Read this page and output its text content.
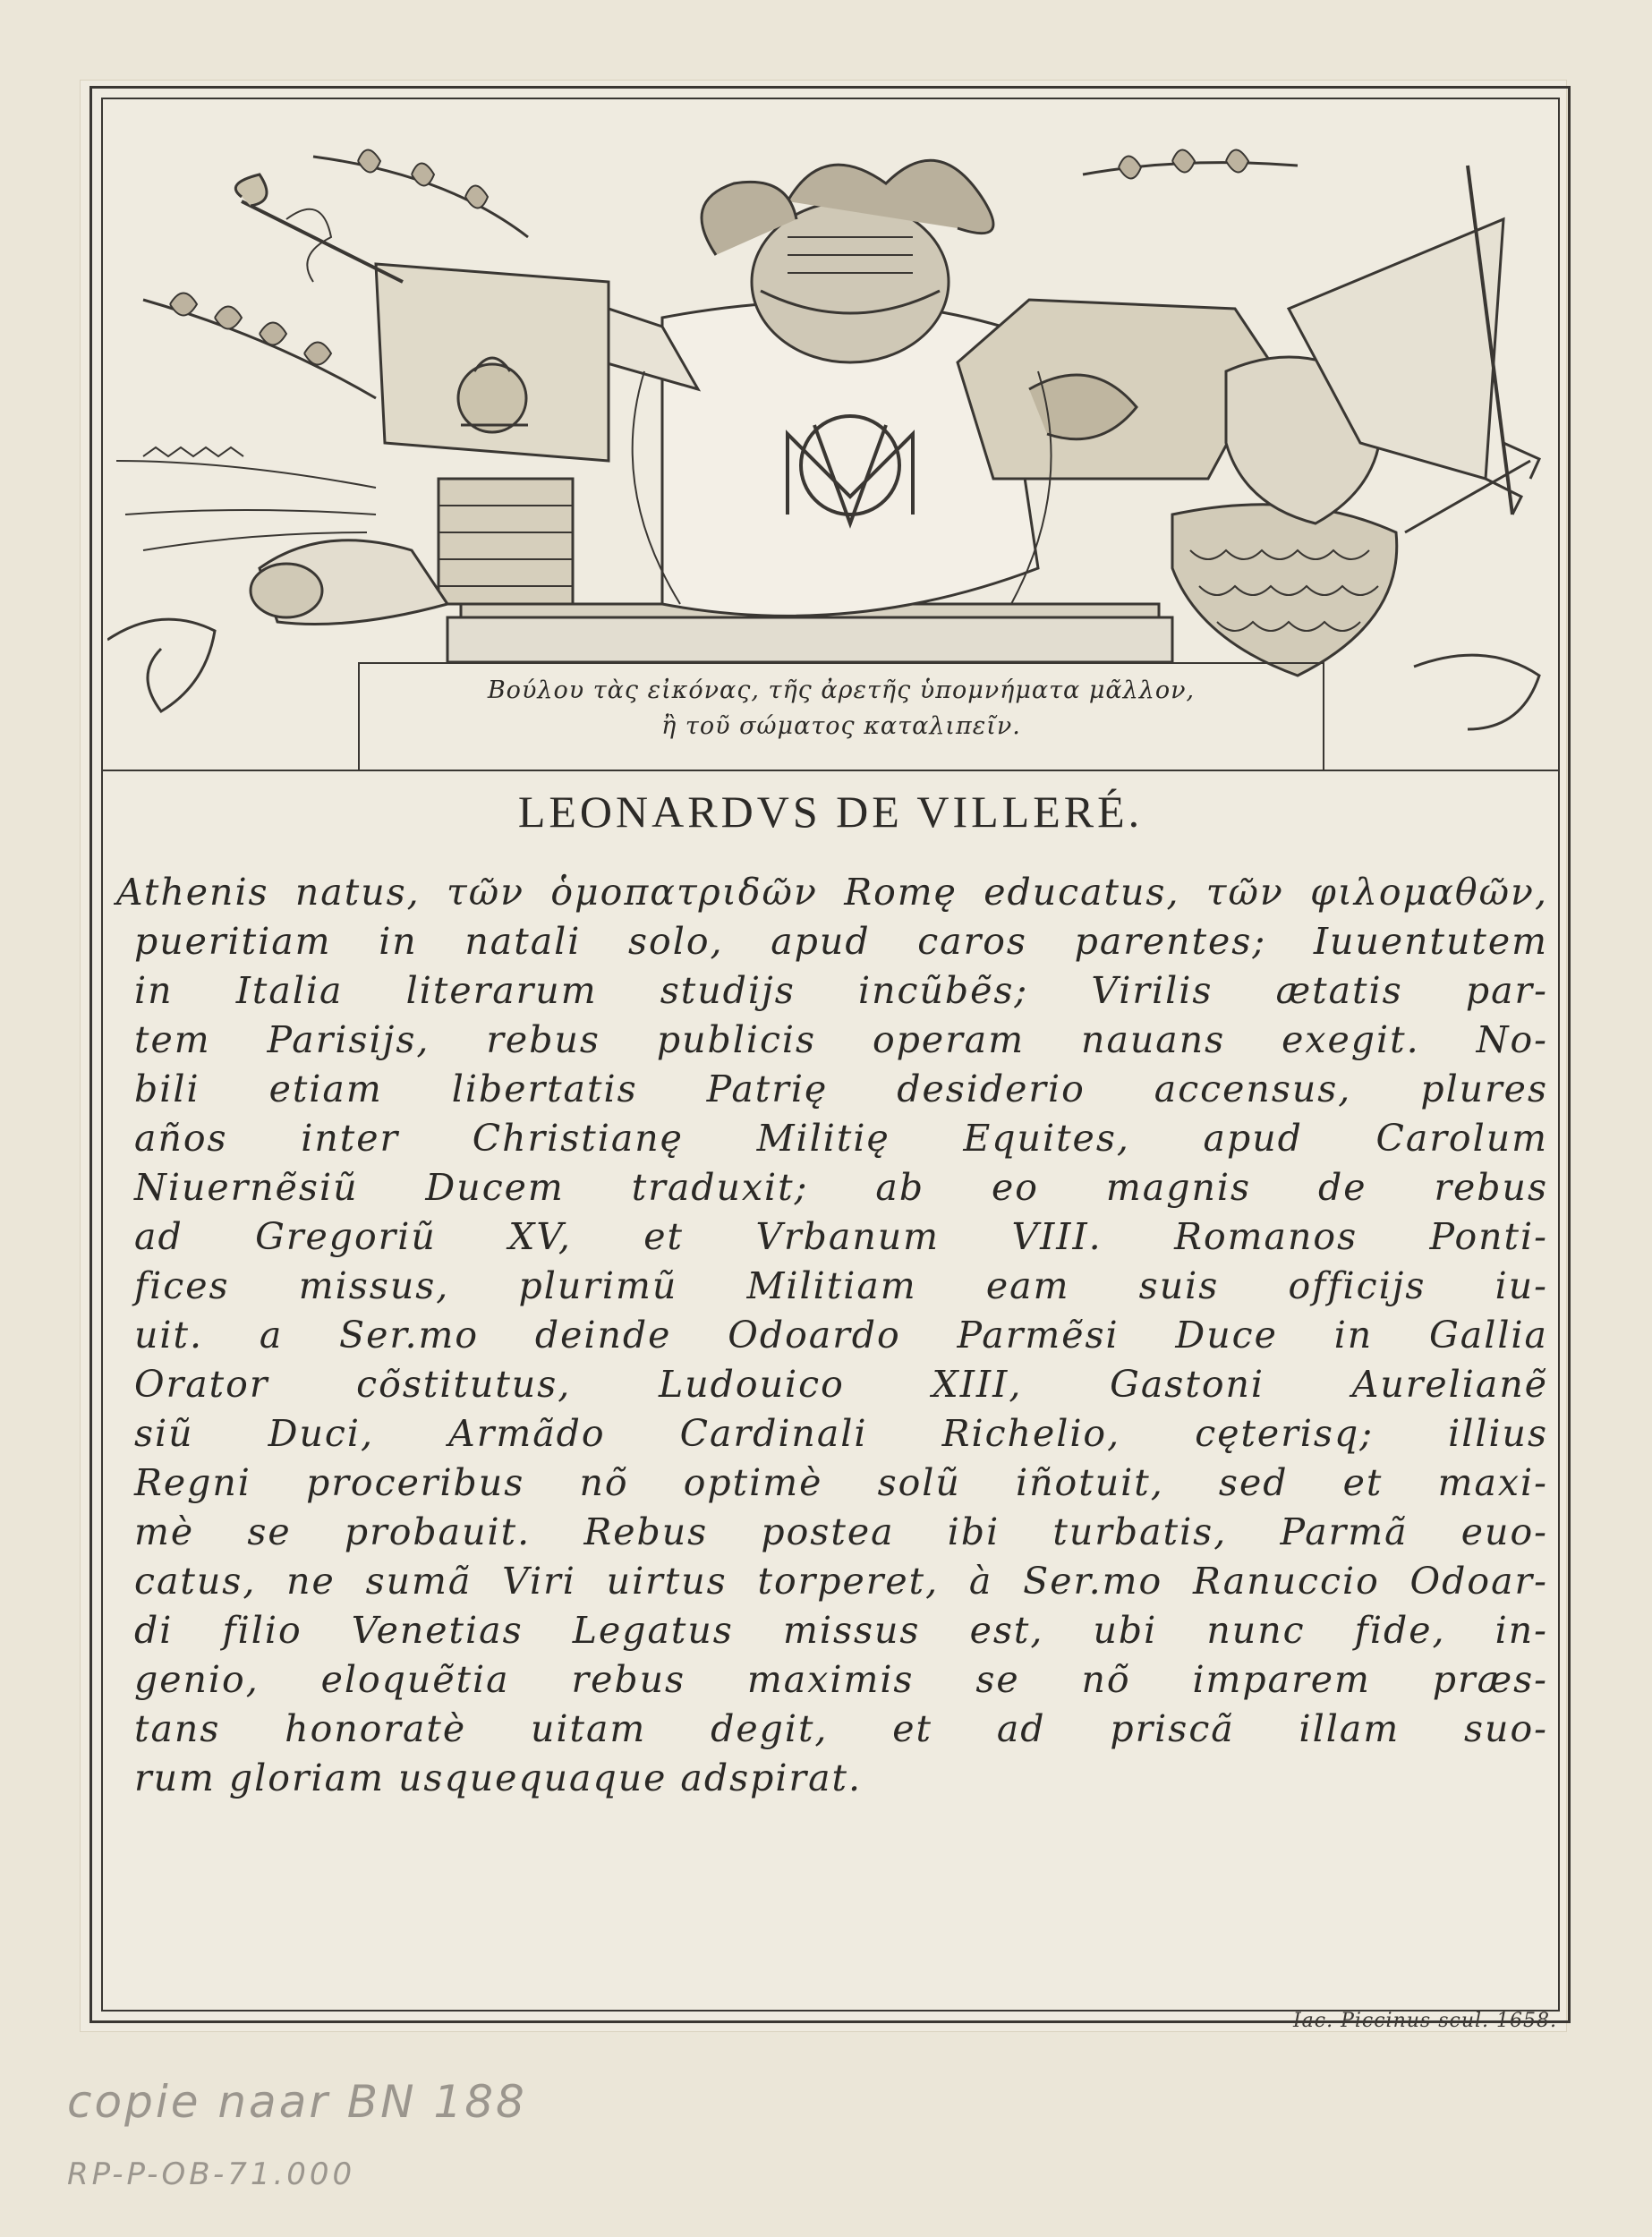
MDV
Βούλου τὰς εἰκόνας, τῆς ἀρετῆς ὑπομνήματα μᾶλλον,
ἢ τοῦ σώματος καταλιπεῖν.
LEONARDVS DE VILLERÉ.
Athenis natus, τῶν ὁμοπατριδῶν Romę educatus, τῶν φιλομαθῶν,
pueritiam in natali solo, apud caros parentes; Iuuentutem
in Italia literarum studijs incũbẽs; Virilis ætatis par-
tem Parisijs, rebus publicis operam nauans exegit. No-
bili etiam libertatis Patrię desiderio accensus, plures
años inter Christianę Militię Equites, apud Carolum
Niuernẽsiũ Ducem traduxit; ab eo magnis de rebus
ad Gregoriũ XV, et Vrbanum VIII. Romanos Ponti-
fices missus, plurimũ Militiam eam suis officijs iu-
uit. a Ser.mo deinde Odoardo Parmẽsi Duce in Gallia
Orator cõstitutus, Ludouico XIII, Gastoni Aurelianẽ
siũ Duci, Armãdo Cardinali Richelio, cęterisq; illius
Regni proceribus nõ optimè solũ iñotuit, sed et maxi-
mè se probauit. Rebus postea ibi turbatis, Parmã euo-
catus, ne sumã Viri uirtus torperet, à Ser.mo Ranuccio Odoar-
di filio Venetias Legatus missus est, ubi nunc fide, in-
genio, eloquẽtia rebus maximis se nõ imparem præs-
tans honoratè uitam degit, et ad priscã illam suo-
rum gloriam usquequaque adspirat.
Iac. Piccinus scul. 1658.
copie naar BN 188
RP-P-OB-71.000
